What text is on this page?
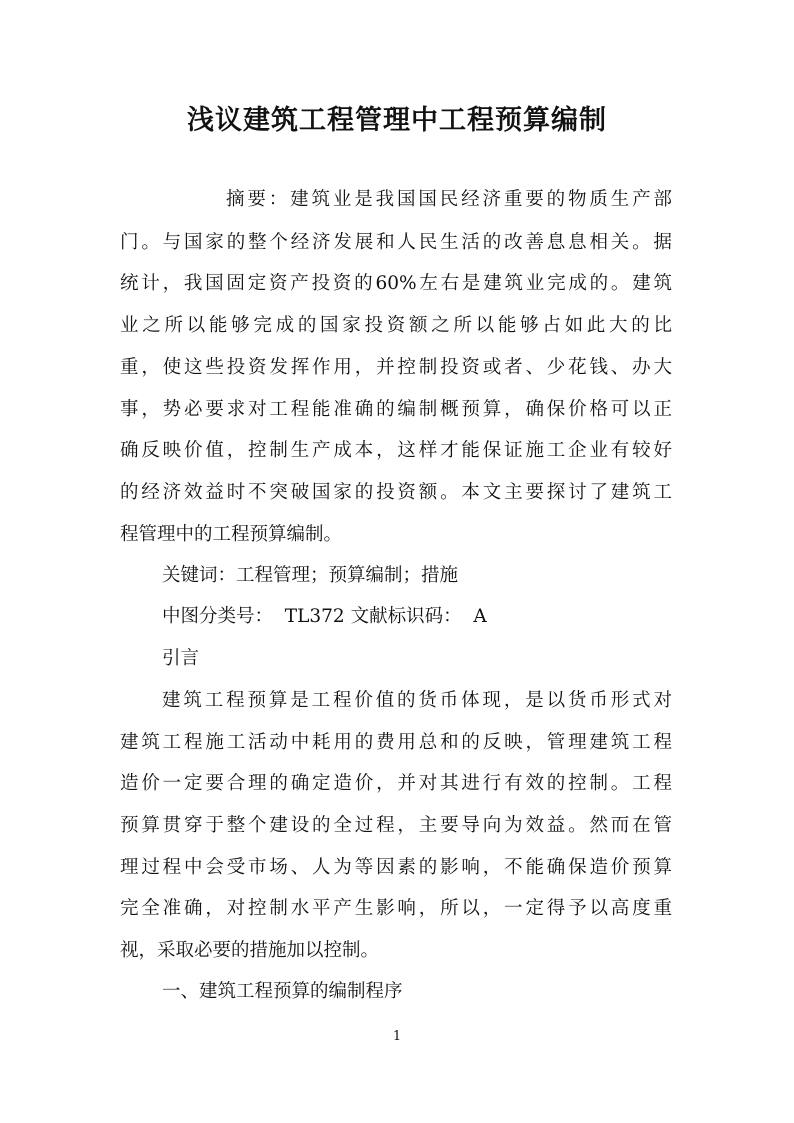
浅议建筑工程管理中工程预算编制
摘要：建筑业是我国国民经济重要的物质生产部
门。与国家的整个经济发展和人民生活的改善息息相关。据
统计，我国固定资产投资的60%左右是建筑业完成的。建筑
业之所以能够完成的国家投资额之所以能够占如此大的比
重，使这些投资发挥作用，并控制投资或者、少花钱、办大
事，势必要求对工程能准确的编制概预算，确保价格可以正
确反映价值，控制生产成本，这样才能保证施工企业有较好
的经济效益时不突破国家的投资额。本文主要探讨了建筑工
程管理中的工程预算编制。
关键词：工程管理；预算编制；措施
中图分类号：  TL372 文献标识码：  A
引言
建筑工程预算是工程价值的货币体现，是以货币形式对
建筑工程施工活动中耗用的费用总和的反映，管理建筑工程
造价一定要合理的确定造价，并对其进行有效的控制。工程
预算贯穿于整个建设的全过程，主要导向为效益。然而在管
理过程中会受市场、人为等因素的影响，不能确保造价预算
完全准确，对控制水平产生影响，所以，一定得予以高度重
视，采取必要的措施加以控制。
一、建筑工程预算的编制程序
1
